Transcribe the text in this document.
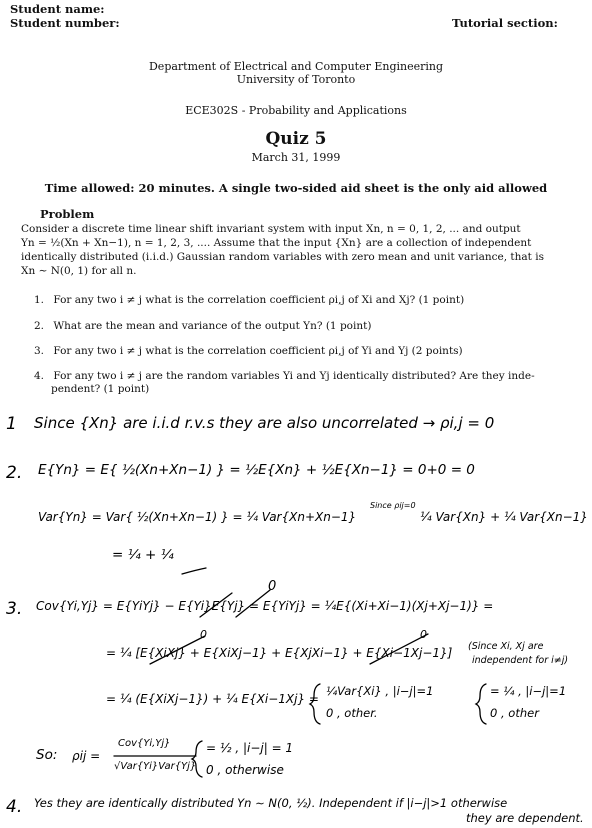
Student name:
Student number:	Tutorial section:
Department of Electrical and Computer Engineering
University of Toronto
ECE302S - Probability and Applications
Quiz 5
March 31, 1999
Time allowed: 20 minutes. A single two-sided aid sheet is the only aid allowed
Problem
Consider a discrete time linear shift invariant system with input Xn, n = 0, 1, 2, ... and output
Yn = ½(Xn + Xn−1), n = 1, 2, 3, .... Assume that the input {Xn} are a collection of independent
identically distributed (i.i.d.) Gaussian random variables with zero mean and unit variance, that is
Xn ∼ N(0, 1) for all n.
1. For any two i ≠ j what is the correlation coefficient ρi,j of Xi and Xj? (1 point)
2. What are the mean and variance of the output Yn? (1 point)
3. For any two i ≠ j what is the correlation coefficient ρi,j of Yi and Yj (2 points)
4. For any two i ≠ j are the random variables Yi and Yj identically distributed? Are they inde-
pendent? (1 point)
1 Since {Xn} are i.i.d r.v.s they are also uncorrelated → ρi,j = 0
2. E{Yn} = E{ ½(Xn+Xn−1) } = ½E{Xn} + ½E{Xn−1} = 0+0 = 0
Var{Yn} = Var{ ½(Xn+Xn−1) } = ¼ Var{Xn+Xn−1}
Since ρij=0
¼ Var{Xn} + ¼ Var{Xn−1}
= ¼ + ¼
3. Cov{Yi,Yj} = E{YiYj} − E{Yi}E{Yj} = E{YiYj} = ¼E{(Xi+Xi−1)(Xj+Xj−1)} =
0
= ¼ [E{XiXj} + E{XiXj−1} + E{XjXi−1} + E{Xi−1Xj−1}]
0	0
(Since Xi, Xj are
independent for i≠j)
= ¼ (E{XiXj−1}) + ¼ E{Xi−1Xj} =
¼Var{Xi} , |i−j|=1
0 , other.
= ¼ , |i−j|=1
0 , other
So: ρij =
Cov{Yi,Yj}
√Var{Yi}Var{Yj}
= ½ , |i−j| = 1
0 , otherwise
4. Yes they are identically distributed Yn ∼ N(0, ½). Independent if |i−j|>1 otherwise
they are dependent.
